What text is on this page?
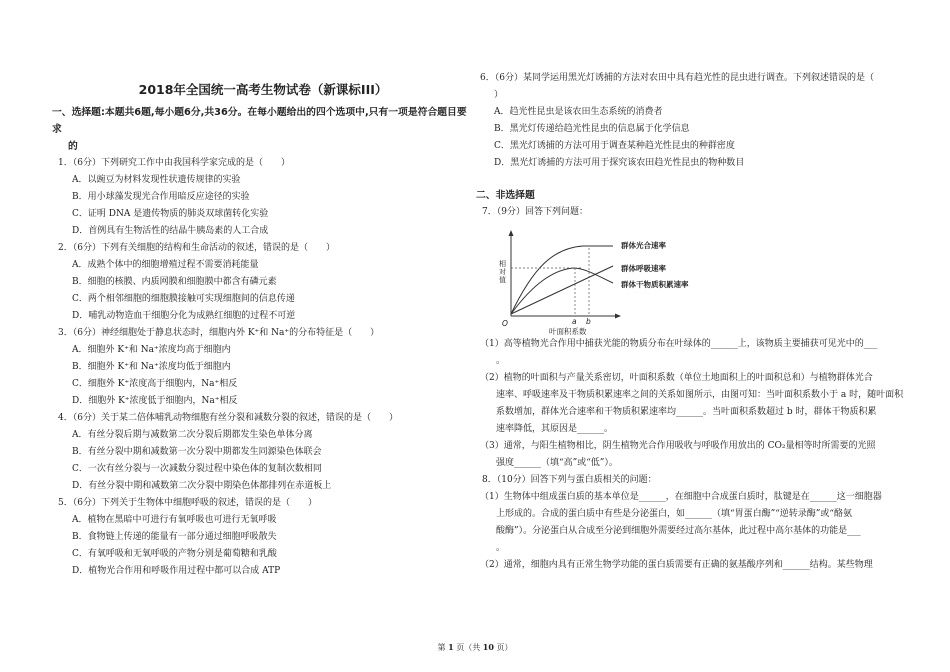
2018年全国统一高考生物试卷（新课标III）
一、选择题:本题共6题,每小题6分,共36分。在每小题给出的四个选项中,只有一项是符合题目要求
的
1．（6分）下列研究工作中由我国科学家完成的是（　　）
A．以豌豆为材料发现性状遗传规律的实验
B．用小球藻发现光合作用暗反应途径的实验
C．证明 DNA 是遗传物质的肺炎双球菌转化实验
D．首例具有生物活性的结晶牛胰岛素的人工合成
2．（6分）下列有关细胞的结构和生命活动的叙述，错误的是（　　）
A．成熟个体中的细胞增殖过程不需要消耗能量
B．细胞的核膜、内质网膜和细胞膜中都含有磷元素
C．两个相邻细胞的细胞膜接触可实现细胞间的信息传递
D．哺乳动物造血干细胞分化为成熟红细胞的过程不可逆
3．（6分）神经细胞处于静息状态时，细胞内外 K⁺和 Na⁺的分布特征是（　　）
A．细胞外 K⁺和 Na⁺浓度均高于细胞内
B．细胞外 K⁺和 Na⁺浓度均低于细胞内
C．细胞外 K⁺浓度高于细胞内，Na⁺相反
D．细胞外 K⁺浓度低于细胞内，Na⁺相反
4．（6分）关于某二倍体哺乳动物细胞有丝分裂和减数分裂的叙述，错误的是（　　）
A．有丝分裂后期与减数第二次分裂后期都发生染色单体分离
B．有丝分裂中期和减数第一次分裂中期都发生同源染色体联会
C．一次有丝分裂与一次减数分裂过程中染色体的复制次数相同
D．有丝分裂中期和减数第二次分裂中期染色体都排列在赤道板上
5．（6分）下列关于生物体中细胞呼吸的叙述，错误的是（　　）
A．植物在黑暗中可进行有氧呼吸也可进行无氧呼吸
B．食物链上传递的能量有一部分通过细胞呼吸散失
C．有氧呼吸和无氧呼吸的产物分别是葡萄糖和乳酸
D．植物光合作用和呼吸作用过程中都可以合成 ATP
6．（6分）某同学运用黑光灯诱捕的方法对农田中具有趋光性的昆虫进行调查。下列叙述错误的是（
）
A．趋光性昆虫是该农田生态系统的消费者
B．黑光灯传递给趋光性昆虫的信息属于化学信息
C．黑光灯诱捕的方法可用于调查某种趋光性昆虫的种群密度
D．黑光灯诱捕的方法可用于探究该农田趋光性昆虫的物种数目
二、非选择题
7．（9分）回答下列问题：
相对值
O	a b
叶面积系数
群体光合速率
群体呼吸速率
群体干物质积累速率
（1）高等植物光合作用中捕获光能的物质分布在叶绿体的______上，该物质主要捕获可见光中的___
。
（2）植物的叶面积与产量关系密切，叶面积系数（单位土地面积上的叶面积总和）与植物群体光合
速率、呼吸速率及干物质积累速率之间的关系如图所示，由图可知：当叶面积系数小于 a 时，随叶面积
系数增加，群体光合速率和干物质积累速率均______。当叶面积系数超过 b 时，群体干物质积累
速率降低，其原因是______。
（3）通常，与阳生植物相比，阴生植物光合作用吸收与呼吸作用放出的 CO₂量相等时所需要的光照
强度______（填“高”或“低”）。
8．（10分）回答下列与蛋白质相关的问题：
（1）生物体中组成蛋白质的基本单位是______，在细胞中合成蛋白质时，肽键是在______这一细胞器
上形成的。合成的蛋白质中有些是分泌蛋白，如______（填“胃蛋白酶”“逆转录酶”或“酪氨
酸酶”）。分泌蛋白从合成至分泌到细胞外需要经过高尔基体，此过程中高尔基体的功能是___
。
（2）通常，细胞内具有正常生物学功能的蛋白质需要有正确的氨基酸序列和______结构。某些物理
第 1 页（共 10 页）
